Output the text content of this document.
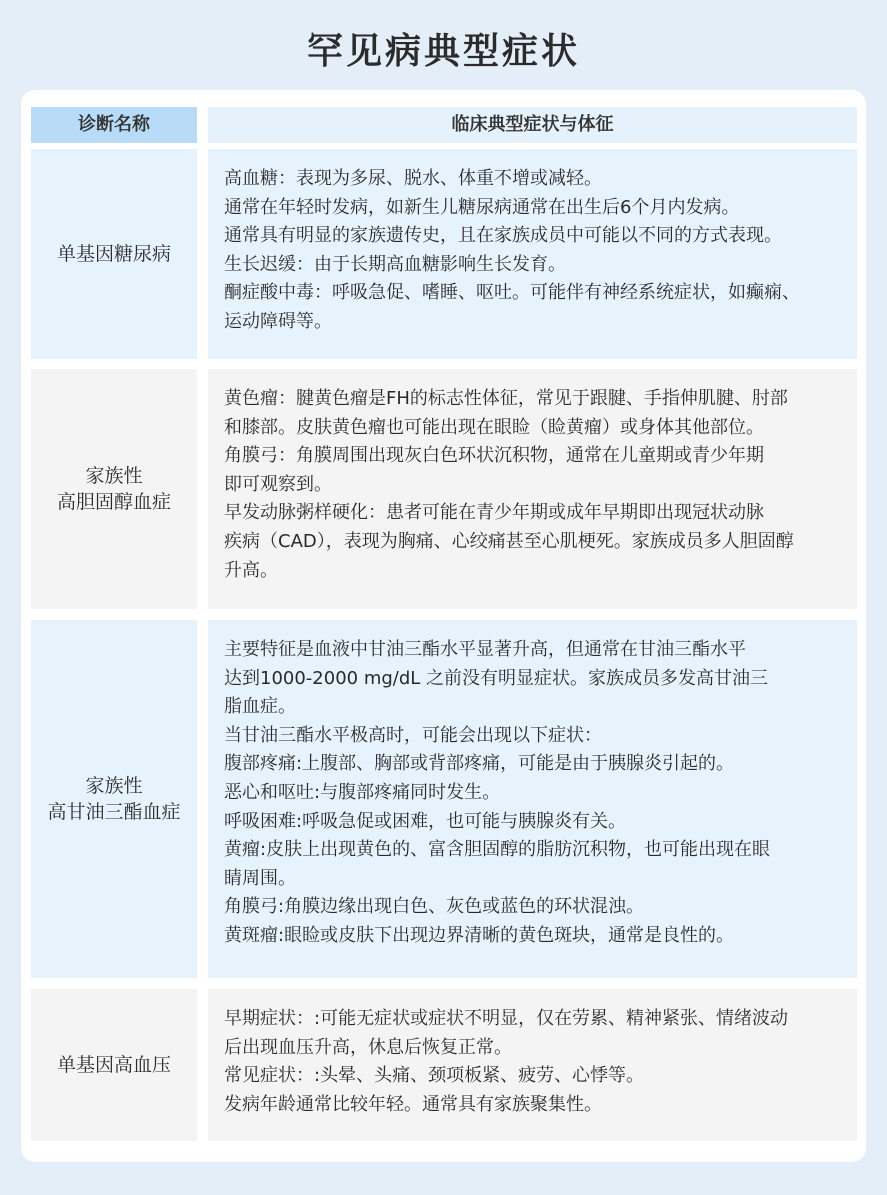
罕见病典型症状
诊断名称	临床典型症状与体征
单基因糖尿病

高血糖：表现为多尿、脱水、体重不增或减轻。

通常在年轻时发病，如新生儿糖尿病通常在出生后6个月内发病。

通常具有明显的家族遗传史，且在家族成员中可能以不同的方式表现。

生长迟缓：由于长期高血糖影响生长发育。

酮症酸中毒：呼吸急促、嗜睡、呕吐。可能伴有神经系统症状，如癫痫、

运动障碍等。

家族性
高胆固醇血症

黄色瘤：腱黄色瘤是FH的标志性体征，常见于跟腱、手指伸肌腱、肘部

和膝部。皮肤黄色瘤也可能出现在眼睑（睑黄瘤）或身体其他部位。

角膜弓：角膜周围出现灰白色环状沉积物，通常在儿童期或青少年期

即可观察到。

早发动脉粥样硬化：患者可能在青少年期或成年早期即出现冠状动脉

疾病（CAD），表现为胸痛、心绞痛甚至心肌梗死。家族成员多人胆固醇

升高。

家族性
高甘油三酯血症

主要特征是血液中甘油三酯水平显著升高，但通常在甘油三酯水平

达到1000-2000 mg/dL 之前没有明显症状。家族成员多发高甘油三

脂血症。

当甘油三酯水平极高时，可能会出现以下症状：

腹部疼痛:上腹部、胸部或背部疼痛，可能是由于胰腺炎引起的。

恶心和呕吐:与腹部疼痛同时发生。

呼吸困难:呼吸急促或困难，也可能与胰腺炎有关。

黄瘤:皮肤上出现黄色的、富含胆固醇的脂肪沉积物，也可能出现在眼

睛周围。

角膜弓:角膜边缘出现白色、灰色或蓝色的环状混浊。

黄斑瘤:眼睑或皮肤下出现边界清晰的黄色斑块，通常是良性的。

单基因高血压

早期症状：:可能无症状或症状不明显，仅在劳累、精神紧张、情绪波动

后出现血压升高，休息后恢复正常。

常见症状：:头晕、头痛、颈项板紧、疲劳、心悸等。

发病年龄通常比较年轻。通常具有家族聚集性。
